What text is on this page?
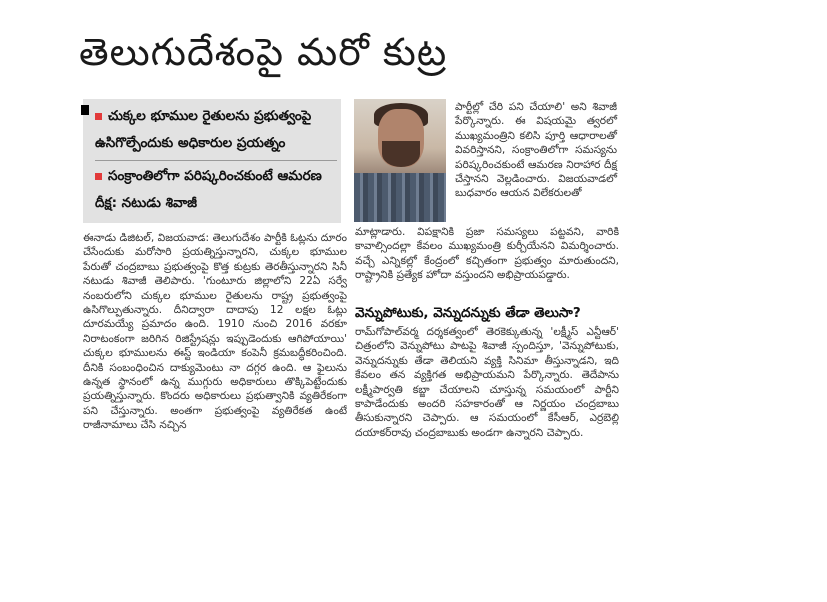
తెలుగుదేశంపై మరో కుట్ర
చుక్కల భూముల రైతులను ప్రభుత్వంపై ఉసిగొల్పేందుకు అధికారుల ప్రయత్నం
సంక్రాంతిలోగా పరిష్కరించకుంటే ఆమరణ దీక్ష: నటుడు శివాజీ
పార్టీల్లో చేరి పని చేయాలి' అని శివాజీ పేర్కొన్నారు. ఈ విషయమై త్వరలో ముఖ్యమంత్రిని కలిసి పూర్తి ఆధారాలతో వివరిస్తానని, సంక్రాంతిలోగా సమస్యను పరిష్కరించకుంటే ఆమరణ నిరాహార దీక్ష చేస్తానని వెల్లడించారు. విజయవాడలో బుధవారం ఆయన విలేకరులతో
ఈనాడు డిజిటల్, విజయవాడ: తెలుగుదేశం పార్టీకి ఓట్లను దూరం చేసేందుకు మరోసారి ప్రయత్నిస్తున్నారని, చుక్కల భూముల పేరుతో చంద్రబాబు ప్రభుత్వంపై కొత్త కుట్రకు తెరతీస్తున్నారని సినీ నటుడు శివాజీ తెలిపారు. 'గుంటూరు జిల్లాలోని 22ఏ సర్వే నంబరులోని చుక్కల భూముల రైతులను రాష్ట్ర ప్రభుత్వంపై ఉసిగొల్పుతున్నారు. దీనిద్వారా దాదాపు 12 లక్షల ఓట్లు దూరమయ్యే ప్రమాదం ఉంది. 1910 నుంచి 2016 వరకూ నిరాటంకంగా జరిగిన రిజిస్ట్రేషన్లు ఇప్పుడెందుకు ఆగిపోయాయి' చుక్కల భూములను ఈస్ట్ ఇండియా కంపెనీ క్రమబద్ధీకరించింది. దీనికి సంబంధించిన దాక్యుమెంటు నా దగ్గర ఉంది. ఆ ఫైలును ఉన్నత స్థానంలో ఉన్న ముగ్గురు అధికారులు తొక్కిపెట్టేందుకు ప్రయత్నిస్తున్నారు. కొందరు అధికారులు ప్రభుత్వానికి వ్యతిరేకంగా పని చేస్తున్నారు. అంతగా ప్రభుత్వంపై వ్యతిరేకత ఉంటే రాజీనామాలు చేసి నచ్చిన
మాట్లాడారు. విపక్షానికి ప్రజా సమస్యలు పట్టవని, వారికి కావాల్సిందల్లా కేవలం ముఖ్యమంత్రి కుర్చీయేనని విమర్శించారు. వచ్చే ఎన్నికల్లో కేంద్రంలో కచ్చితంగా ప్రభుత్వం మారుతుందని, రాష్ట్రానికి ప్రత్యేక హోదా వస్తుందని అభిప్రాయపడ్డారు.
వెన్నుపోటుకు, వెన్నుదన్నుకు తేడా తెలుసా?
రామ్‌గోపాల్‌వర్మ దర్శకత్వంలో తెరకెక్కుతున్న 'లక్ష్మీస్ ఎన్టీఆర్' చిత్రంలోని వెన్నుపోటు పాటపై శివాజీ స్పందిస్తూ, 'వెన్నుపోటుకు, వెన్నుదన్నుకు తేడా తెలియని వ్యక్తి సినిమా తీస్తున్నాడని, ఇది కేవలం తన వ్యక్తిగత అభిప్రాయమని పేర్కొన్నారు. తెదేపాను లక్ష్మీపార్వతి కబ్జా చేయాలని చూస్తున్న సమయంలో పార్టీని కాపాడేందుకు అందరి సహకారంతో ఆ నిర్ణయం చంద్రబాబు తీసుకున్నారని చెప్పారు. ఆ సమయంలో కేసీఆర్, ఎర్రబెల్లి దయాకర్‌రావు చంద్రబాబుకు అండగా ఉన్నారని చెప్పారు.
